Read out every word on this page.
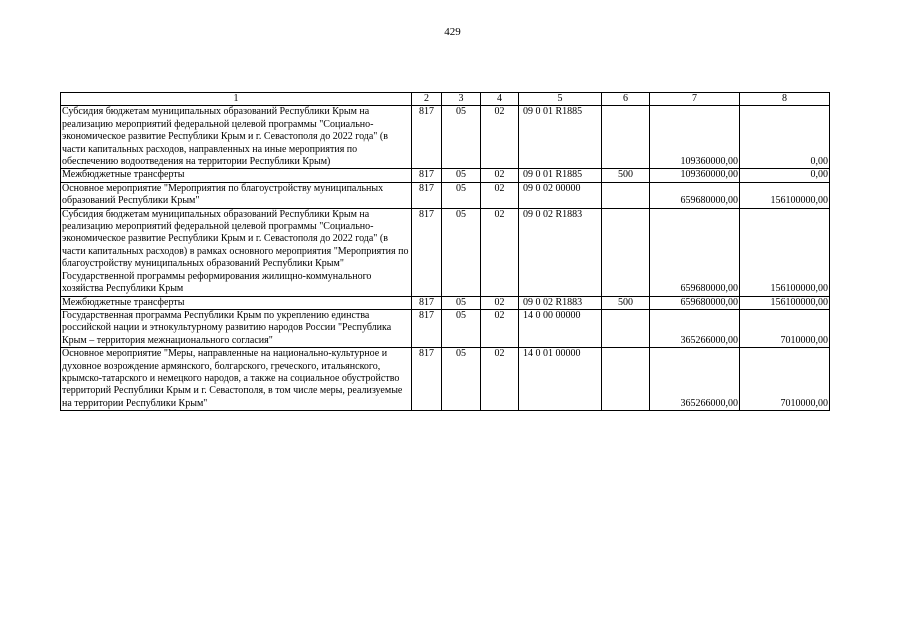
429
1	2	3	4	5	6	7	8
Субсидия бюджетам муниципальных образований Республики Крым на реализацию мероприятий федеральной целевой программы "Социально-экономическое развитие Республики Крым и г. Севастополя до 2022 года" (в части капитальных расходов, направленных на иные мероприятия по обеспечению водоотведения на территории Республики Крым)	817	05	02	09 0 01 R1885		109360000,00	0,00
Межбюджетные трансферты	817	05	02	09 0 01 R1885	500	109360000,00	0,00
Основное мероприятие "Мероприятия по благоустройству муниципальных образований Республики Крым"	817	05	02	09 0 02 00000		659680000,00	156100000,00
Субсидия бюджетам муниципальных образований Республики Крым на реализацию мероприятий федеральной целевой программы "Социально-экономическое развитие Республики Крым и г. Севастополя до 2022 года" (в части капитальных расходов) в рамках основного мероприятия "Мероприятия по благоустройству муниципальных образований Республики Крым" Государственной программы реформирования жилищно-коммунального хозяйства Республики Крым	817	05	02	09 0 02 R1883		659680000,00	156100000,00
Межбюджетные трансферты	817	05	02	09 0 02 R1883	500	659680000,00	156100000,00
Государственная программа Республики Крым по укреплению единства российской нации и этнокультурному развитию народов России "Республика Крым – территория межнационального согласия"	817	05	02	14 0 00 00000		365266000,00	7010000,00
Основное мероприятие "Меры, направленные на национально-культурное и духовное возрождение армянского, болгарского, греческого, итальянского, крымско-татарского и немецкого народов, а также на социальное обустройство территорий Республики Крым и г. Севастополя, в том числе меры, реализуемые на территории Республики Крым"	817	05	02	14 0 01 00000		365266000,00	7010000,00
